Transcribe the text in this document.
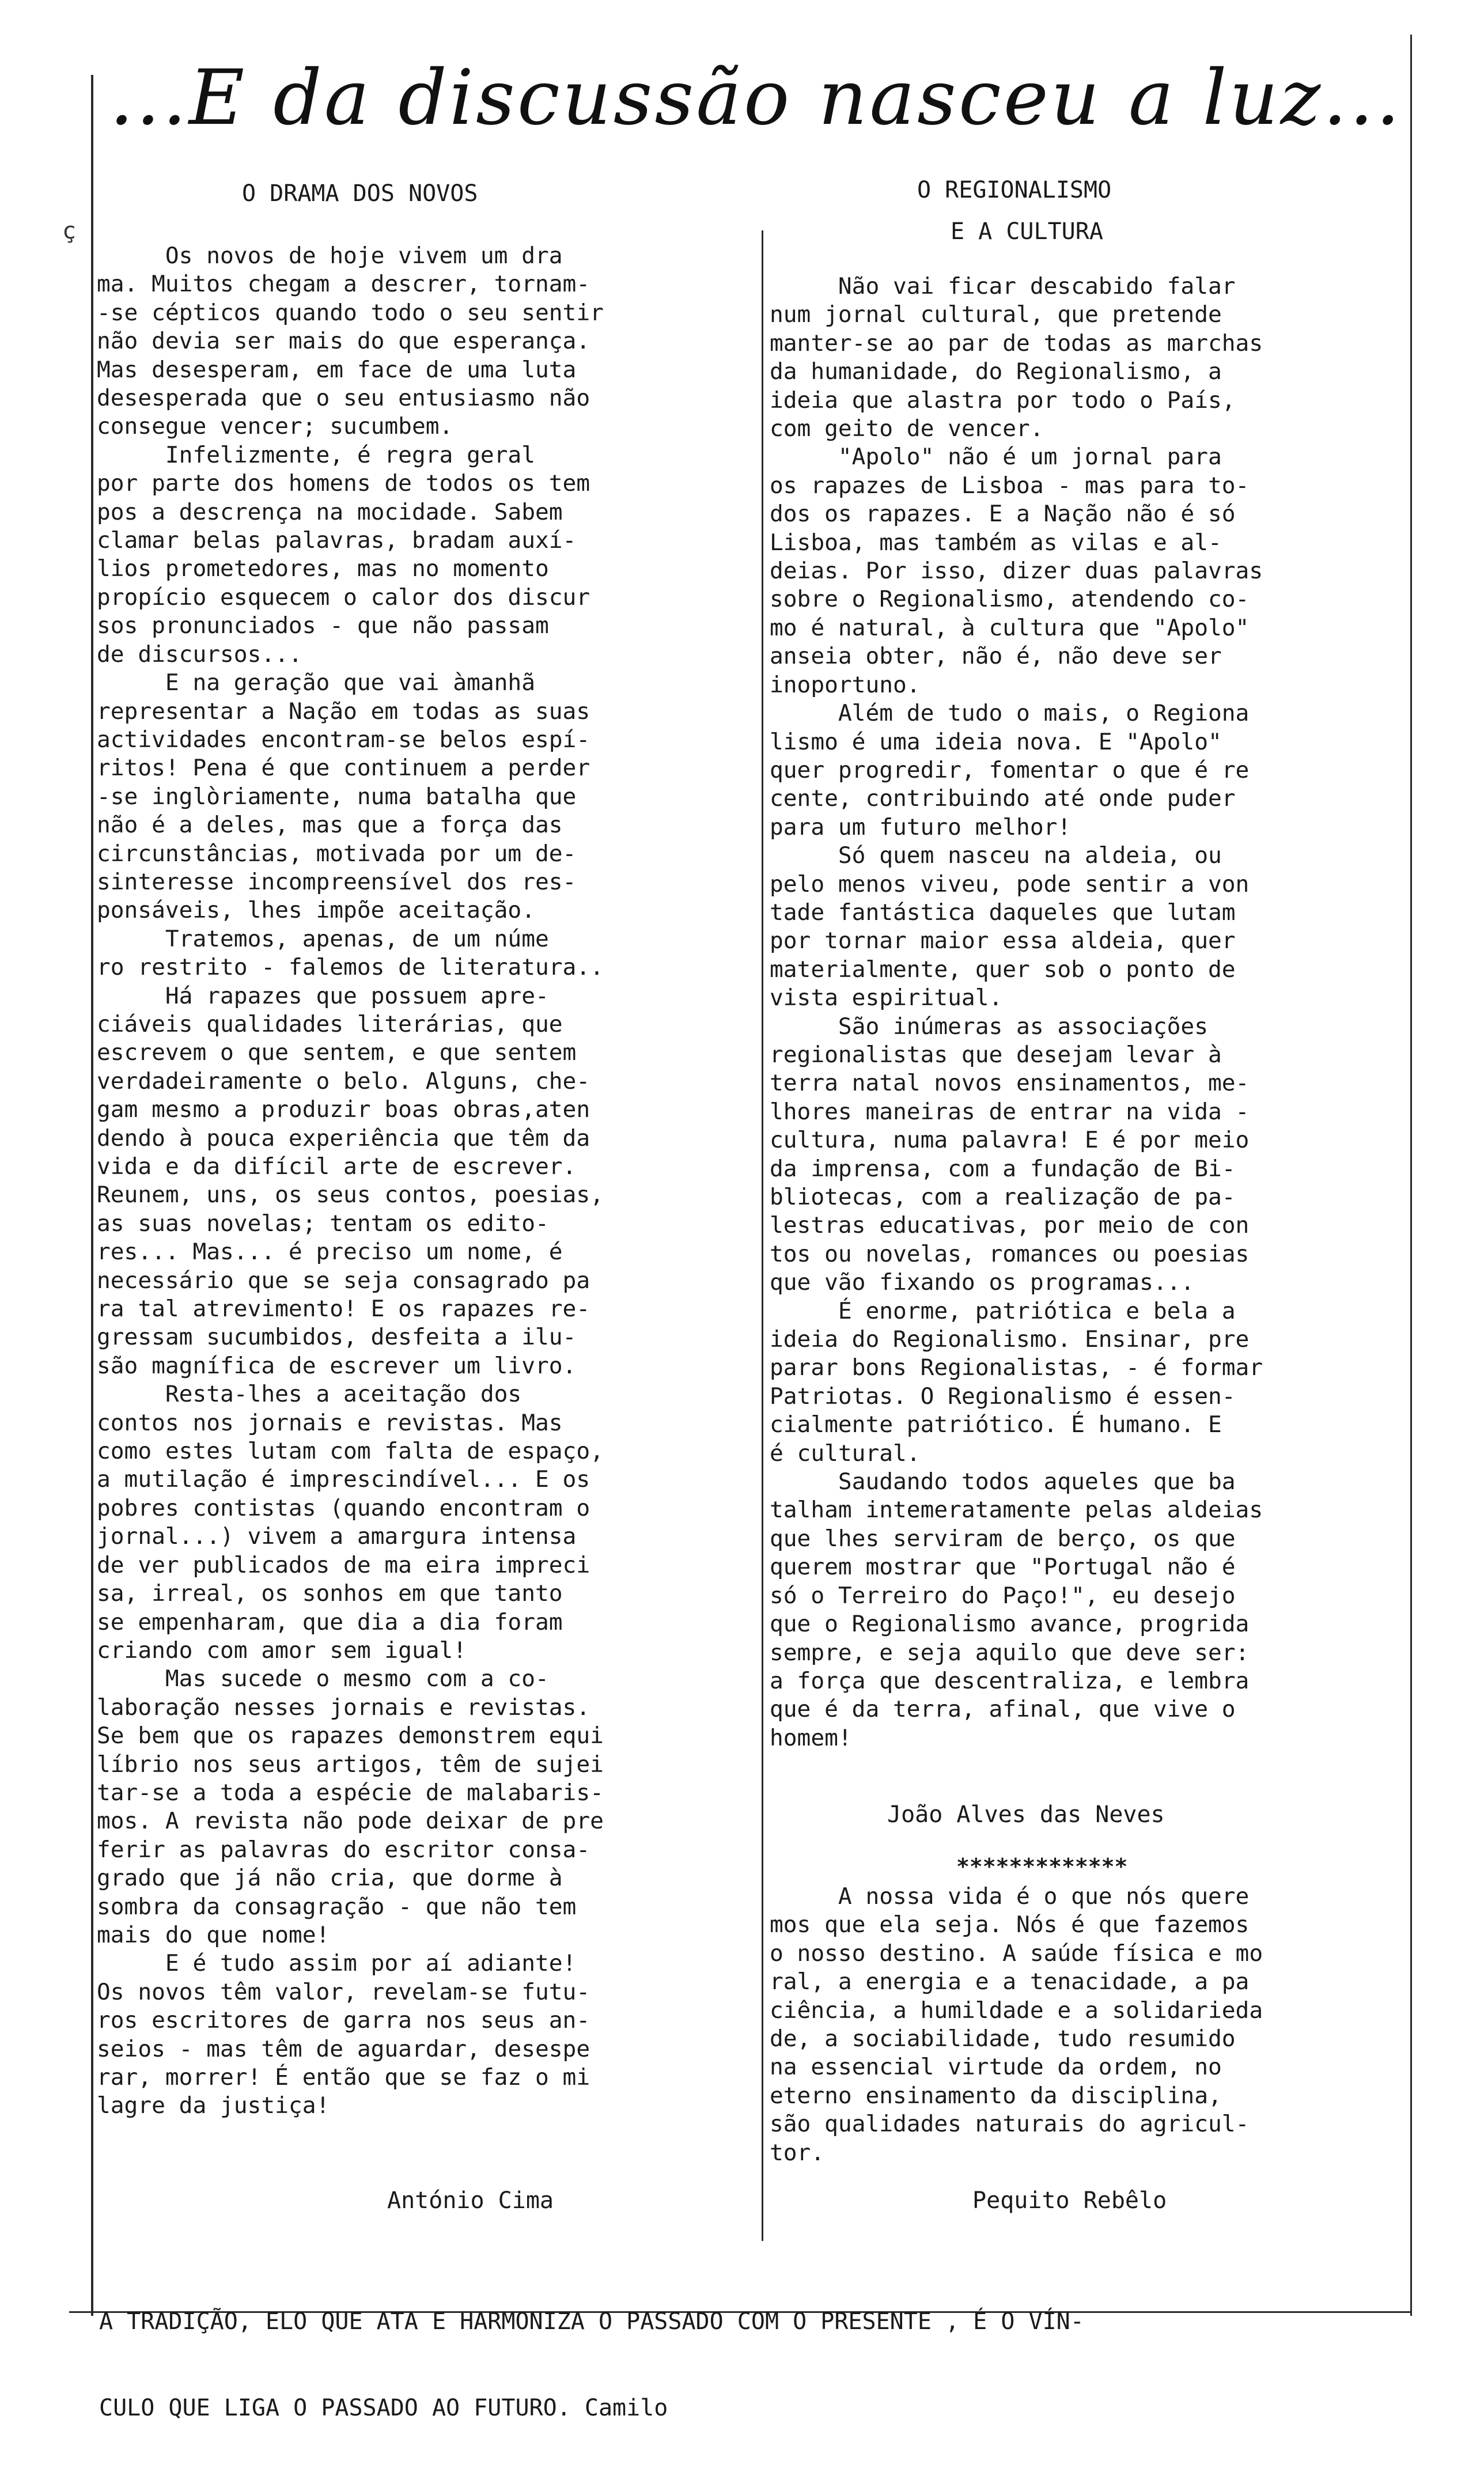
...E da discussão nasceu a luz...
ç
O DRAMA DOS NOVOS
Os novos de hoje vivem um dra
ma. Muitos chegam a descrer, tornam-
-se cépticos quando todo o seu sentir
não devia ser mais do que esperança.
Mas desesperam, em face de uma luta
desesperada que o seu entusiasmo não
consegue vencer; sucumbem.
Infelizmente, é regra geral
por parte dos homens de todos os tem
pos a descrença na mocidade. Sabem
clamar belas palavras, bradam auxí-
lios prometedores, mas no momento
propício esquecem o calor dos discur
sos pronunciados - que não passam
de discursos...
E na geração que vai àmanhã
representar a Nação em todas as suas
actividades encontram-se belos espí-
ritos! Pena é que continuem a perder
-se inglòriamente, numa batalha que
não é a deles, mas que a força das
circunstâncias, motivada por um de-
sinteresse incompreensível dos res-
ponsáveis, lhes impõe aceitação.
Tratemos, apenas, de um núme
ro restrito - falemos de literatura..
Há rapazes que possuem apre-
ciáveis qualidades literárias, que
escrevem o que sentem, e que sentem
verdadeiramente o belo. Alguns, che-
gam mesmo a produzir boas obras,aten
dendo à pouca experiência que têm da
vida e da difícil arte de escrever.
Reunem, uns, os seus contos, poesias,
as suas novelas; tentam os edito-
res... Mas... é preciso um nome, é
necessário que se seja consagrado pa
ra tal atrevimento! E os rapazes re-
gressam sucumbidos, desfeita a ilu-
são magnífica de escrever um livro.
Resta-lhes a aceitação dos
contos nos jornais e revistas. Mas
como estes lutam com falta de espaço,
a mutilação é imprescindível... E os
pobres contistas (quando encontram o
jornal...) vivem a amargura intensa
de ver publicados de ma eira impreci
sa, irreal, os sonhos em que tanto
se empenharam, que dia a dia foram
criando com amor sem igual!
Mas sucede o mesmo com a co-
laboração nesses jornais e revistas.
Se bem que os rapazes demonstrem equi
líbrio nos seus artigos, têm de sujei
tar-se a toda a espécie de malabaris-
mos. A revista não pode deixar de pre
ferir as palavras do escritor consa-
grado que já não cria, que dorme à
sombra da consagração - que não tem
mais do que nome!
E é tudo assim por aí adiante!
Os novos têm valor, revelam-se futu-
ros escritores de garra nos seus an-
seios - mas têm de aguardar, desespe
rar, morrer! É então que se faz o mi
lagre da justiça!
António Cima
O REGIONALISMO
E A CULTURA
Não vai ficar descabido falar
num jornal cultural, que pretende
manter-se ao par de todas as marchas
da humanidade, do Regionalismo, a
ideia que alastra por todo o País,
com geito de vencer.
"Apolo" não é um jornal para
os rapazes de Lisboa - mas para to-
dos os rapazes. E a Nação não é só
Lisboa, mas também as vilas e al-
deias. Por isso, dizer duas palavras
sobre o Regionalismo, atendendo co-
mo é natural, à cultura que "Apolo"
anseia obter, não é, não deve ser
inoportuno.
Além de tudo o mais, o Regiona
lismo é uma ideia nova. E "Apolo"
quer progredir, fomentar o que é re
cente, contribuindo até onde puder
para um futuro melhor!
Só quem nasceu na aldeia, ou
pelo menos viveu, pode sentir a von
tade fantástica daqueles que lutam
por tornar maior essa aldeia, quer
materialmente, quer sob o ponto de
vista espiritual.
São inúmeras as associações
regionalistas que desejam levar à
terra natal novos ensinamentos, me-
lhores maneiras de entrar na vida -
cultura, numa palavra! E é por meio
da imprensa, com a fundação de Bi-
bliotecas, com a realização de pa-
lestras educativas, por meio de con
tos ou novelas, romances ou poesias
que vão fixando os programas...
É enorme, patriótica e bela a
ideia do Regionalismo. Ensinar, pre
parar bons Regionalistas, - é formar
Patriotas. O Regionalismo é essen-
cialmente patriótico. É humano. E
é cultural.
Saudando todos aqueles que ba
talham intemeratamente pelas aldeias
que lhes serviram de berço, os que
querem mostrar que "Portugal não é
só o Terreiro do Paço!", eu desejo
que o Regionalismo avance, progrida
sempre, e seja aquilo que deve ser:
a força que descentraliza, e lembra
que é da terra, afinal, que vive o
homem!
João Alves das Neves
*************
A nossa vida é o que nós quere
mos que ela seja. Nós é que fazemos
o nosso destino. A saúde física e mo
ral, a energia e a tenacidade, a pa
ciência, a humildade e a solidarieda
de, a sociabilidade, tudo resumido
na essencial virtude da ordem, no
eterno ensinamento da disciplina,
são qualidades naturais do agricul-
tor.
Pequito Rebêlo

A TRADIÇÃO, ELO QUE ATA E HARMONIZA O PASSADO COM O PRESENTE , É O VÍN-

CULO QUE LIGA O PASSADO AO FUTURO. Camilo
